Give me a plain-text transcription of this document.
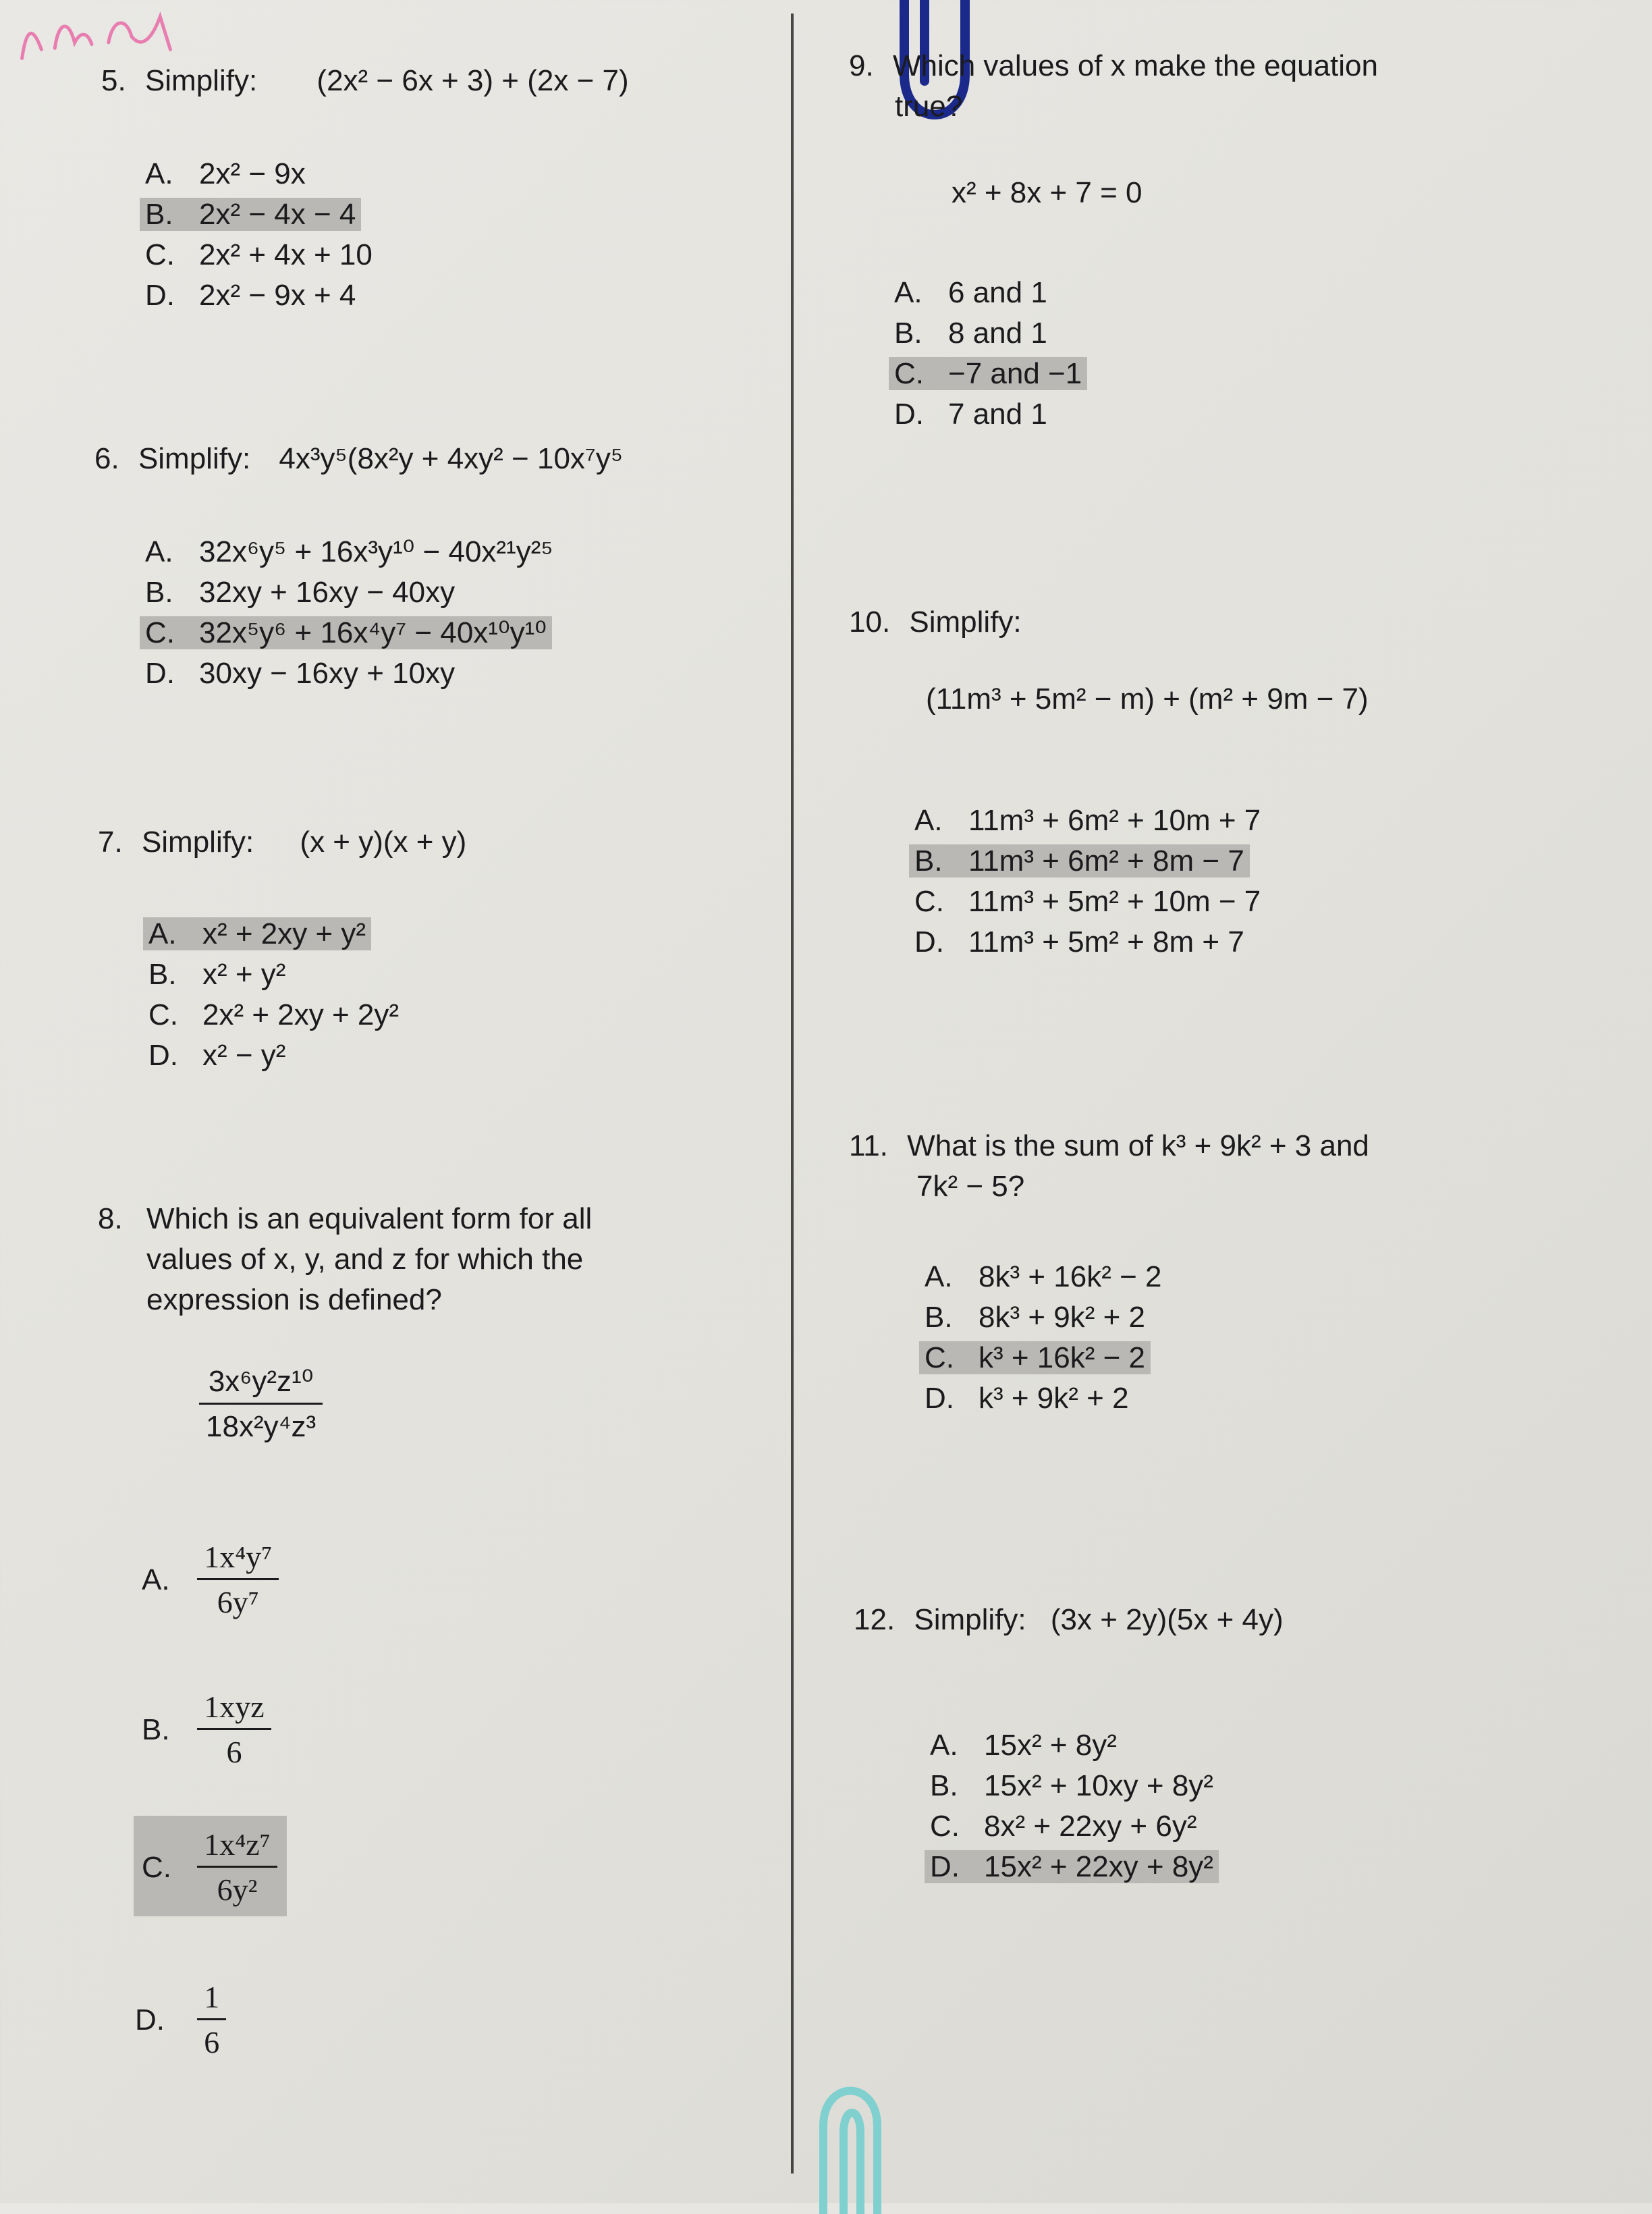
5. Simplify: (2x² − 6x + 3) + (2x − 7)
A. 2x² − 9x
B. 2x² − 4x − 4
C. 2x² + 4x + 10
D. 2x² − 9x + 4
6. Simplify: 4x³y⁵(8x²y + 4xy² − 10x⁷y⁵
A. 32x⁶y⁵ + 16x³y¹⁰ − 40x²¹y²⁵
B. 32xy + 16xy − 40xy
C. 32x⁵y⁶ + 16x⁴y⁷ − 40x¹⁰y¹⁰
D. 30xy − 16xy + 10xy
7. Simplify: (x + y)(x + y)
A. x² + 2xy + y²
B. x² + y²
C. 2x² + 2xy + 2y²
D. x² − y²
8. Which is an equivalent form for all
values of x, y, and z for which the
expression is defined?
$\frac{\text{3x⁶y²z¹⁰}}{\text{18x²y⁴z³}}$
A. $\frac{\text{1x⁴y⁷}}{\text{6y⁷}}$
B. $\frac{\text{1xyz}}{6}$
C. $\frac{\text{1x⁴z⁷}}{\text{6y²}}$
D. $\frac{1}{6}$
9. Which values of x make the equation
true?
x² + 8x + 7 = 0
A. 6 and 1
B. 8 and 1
C. −7 and −1
D. 7 and 1
10. Simplify:
(11m³ + 5m² − m) + (m² + 9m − 7)
A. 11m³ + 6m² + 10m + 7
B. 11m³ + 6m² + 8m − 7
C. 11m³ + 5m² + 10m − 7
D. 11m³ + 5m² + 8m + 7
11. What is the sum of k³ + 9k² + 3 and
7k² − 5?
A. 8k³ + 16k² − 2
B. 8k³ + 9k² + 2
C. k³ + 16k² − 2
D. k³ + 9k² + 2
12. Simplify: (3x + 2y)(5x + 4y)
A. 15x² + 8y²
B. 15x² + 10xy + 8y²
C. 8x² + 22xy + 6y²
D. 15x² + 22xy + 8y²
